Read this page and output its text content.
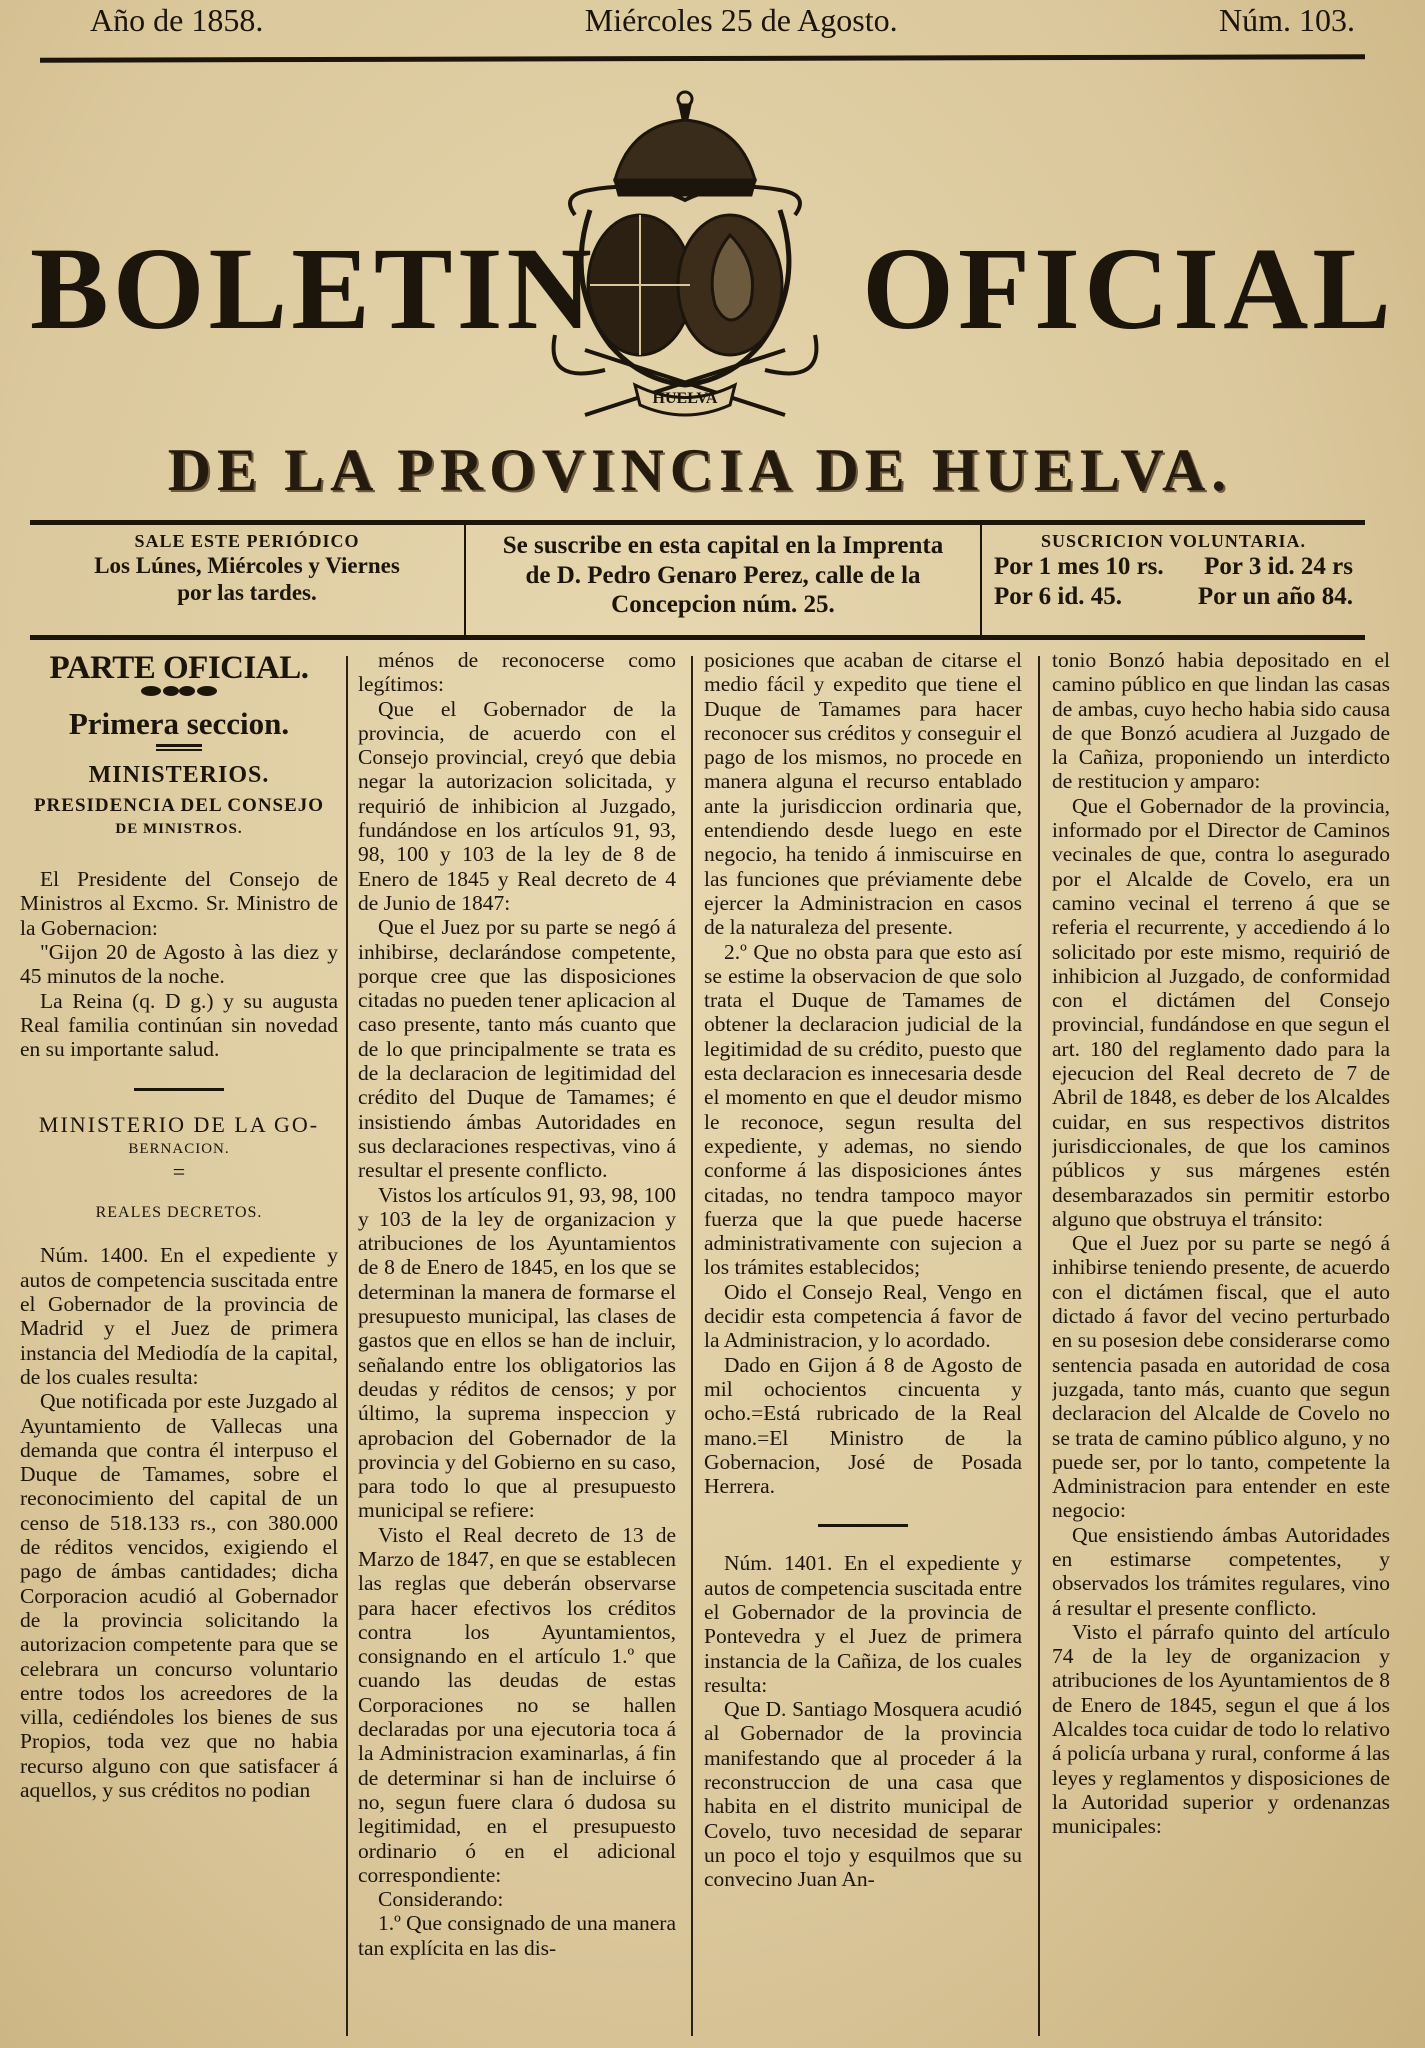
Año de 1858.	Miércoles 25 de Agosto.	Núm. 103.
HUELVA
BOLETIN OFICIAL
DE LA PROVINCIA DE HUELVA.
SALE ESTE PERIÓDICO
Los Lúnes, Miércoles y Viernes
por las tardes.
Se suscribe en esta capital en la Imprenta
de D. Pedro Genaro Perez, calle de la
Concepcion núm. 25.
SUSCRICION VOLUNTARIA.
Por 1 mes 10 rs. Por 3 id. 24 rs
Por 6 id. 45.	Por un año 84.
PARTE OFICIAL.
Primera seccion.
MINISTERIOS.
PRESIDENCIA DEL CONSEJO
DE MINISTROS.

El Presidente del Consejo de Ministros al Excmo. Sr. Ministro de la Gobernacion:

"Gijon 20 de Agosto à las diez y 45 minutos de la noche.

La Reina (q. D g.) y su augusta Real familia continúan sin novedad en su importante salud.

MINISTERIO DE LA GO-
BERNACION.
=
REALES DECRETOS.

Núm. 1400. En el expediente y autos de competencia suscitada entre el Gobernador de la provincia de Madrid y el Juez de primera instancia del Mediodía de la capital, de los cuales resulta:

Que notificada por este Juzgado al Ayuntamiento de Vallecas una demanda que contra él interpuso el Duque de Tamames, sobre el reconocimiento del capital de un censo de 518.133 rs., con 380.000 de réditos vencidos, exigiendo el pago de ámbas cantidades; dicha Corporacion acudió al Gobernador de la provincia solicitando la autorizacion competente para que se celebrara un concurso voluntario entre todos los acreedores de la villa, cediéndoles los bienes de sus Propios, toda vez que no habia recurso alguno con que satisfacer á aquellos, y sus créditos no podian

ménos de reconocerse como legítimos:

Que el Gobernador de la provincia, de acuerdo con el Consejo provincial, creyó que debia negar la autorizacion solicitada, y requirió de inhibicion al Juzgado, fundándose en los artículos 91, 93, 98, 100 y 103 de la ley de 8 de Enero de 1845 y Real decreto de 4 de Junio de 1847:

Que el Juez por su parte se negó á inhibirse, declarándose competente, porque cree que las disposiciones citadas no pueden tener aplicacion al caso presente, tanto más cuanto que de lo que principalmente se trata es de la declaracion de legitimidad del crédito del Duque de Tamames; é insistiendo ámbas Autoridades en sus declaraciones respectivas, vino á resultar el presente conflicto.

Vistos los artículos 91, 93, 98, 100 y 103 de la ley de organizacion y atribuciones de los Ayuntamientos de 8 de Enero de 1845, en los que se determinan la manera de formarse el presupuesto municipal, las clases de gastos que en ellos se han de incluir, señalando entre los obligatorios las deudas y réditos de censos; y por último, la suprema inspeccion y aprobacion del Gobernador de la provincia y del Gobierno en su caso, para todo lo que al presupuesto municipal se refiere:

Visto el Real decreto de 13 de Marzo de 1847, en que se establecen las reglas que deberán observarse para hacer efectivos los créditos contra los Ayuntamientos, consignando en el artículo 1.º que cuando las deudas de estas Corporaciones no se hallen declaradas por una ejecutoria toca á la Administracion examinarlas, á fin de determinar si han de incluirse ó no, segun fuere clara ó dudosa su legitimidad, en el presupuesto ordinario ó en el adicional correspondiente:

Considerando:

1.º Que consignado de una manera tan explícita en las dis-

posiciones que acaban de citarse el medio fácil y expedito que tiene el Duque de Tamames para hacer reconocer sus créditos y conseguir el pago de los mismos, no procede en manera alguna el recurso entablado ante la jurisdiccion ordinaria que, entendiendo desde luego en este negocio, ha tenido á inmiscuirse en las funciones que préviamente debe ejercer la Administracion en casos de la naturaleza del presente.

2.º Que no obsta para que esto así se estime la observacion de que solo trata el Duque de Tamames de obtener la declaracion judicial de la legitimidad de su crédito, puesto que esta declaracion es innecesaria desde el momento en que el deudor mismo le reconoce, segun resulta del expediente, y ademas, no siendo conforme á las disposiciones ántes citadas, no tendra tampoco mayor fuerza que la que puede hacerse administrativamente con sujecion a los trámites establecidos;

Oido el Consejo Real, Vengo en decidir esta competencia á favor de la Administracion, y lo acordado.

Dado en Gijon á 8 de Agosto de mil ochocientos cincuenta y ocho.=Está rubricado de la Real mano.=El Ministro de la Gobernacion, José de Posada Herrera.

Núm. 1401. En el expediente y autos de competencia suscitada entre el Gobernador de la provincia de Pontevedra y el Juez de primera instancia de la Cañiza, de los cuales resulta:

Que D. Santiago Mosquera acudió al Gobernador de la provincia manifestando que al proceder á la reconstruccion de una casa que habita en el distrito municipal de Covelo, tuvo necesidad de separar un poco el tojo y esquilmos que su convecino Juan An-

tonio Bonzó habia depositado en el camino público en que lindan las casas de ambas, cuyo hecho habia sido causa de que Bonzó acudiera al Juzgado de la Cañiza, proponiendo un interdicto de restitucion y amparo:

Que el Gobernador de la provincia, informado por el Director de Caminos vecinales de que, contra lo asegurado por el Alcalde de Covelo, era un camino vecinal el terreno á que se referia el recurrente, y accediendo á lo solicitado por este mismo, requirió de inhibicion al Juzgado, de conformidad con el dictámen del Consejo provincial, fundándose en que segun el art. 180 del reglamento dado para la ejecucion del Real decreto de 7 de Abril de 1848, es deber de los Alcaldes cuidar, en sus respectivos distritos jurisdiccionales, de que los caminos públicos y sus márgenes estén desembarazados sin permitir estorbo alguno que obstruya el tránsito:

Que el Juez por su parte se negó á inhibirse teniendo presente, de acuerdo con el dictámen fiscal, que el auto dictado á favor del vecino perturbado en su posesion debe considerarse como sentencia pasada en autoridad de cosa juzgada, tanto más, cuanto que segun declaracion del Alcalde de Covelo no se trata de camino público alguno, y no puede ser, por lo tanto, competente la Administracion para entender en este negocio:

Que ensistiendo ámbas Autoridades en estimarse competentes, y observados los trámites regulares, vino á resultar el presente conflicto.

Visto el párrafo quinto del artículo 74 de la ley de organizacion y atribuciones de los Ayuntamientos de 8 de Enero de 1845, segun el que á los Alcaldes toca cuidar de todo lo relativo á policía urbana y rural, conforme á las leyes y reglamentos y disposiciones de la Autoridad superior y ordenanzas municipales:
